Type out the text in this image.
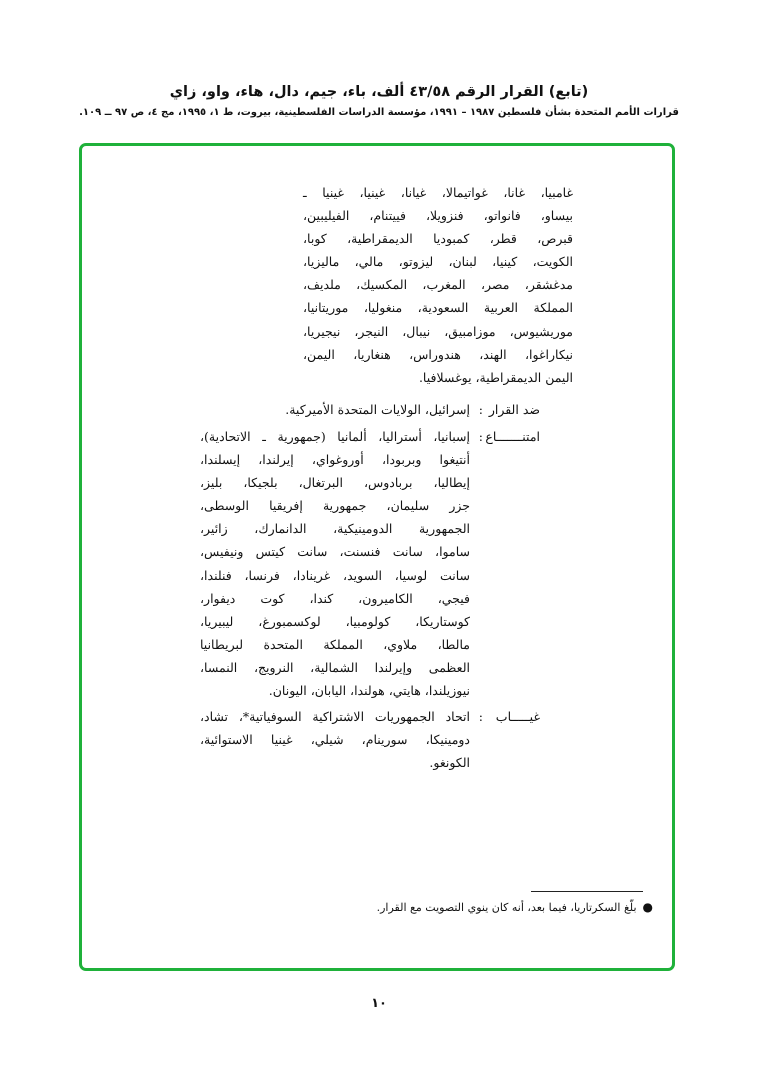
(تابع) القرار الرقم ٤٣/٥٨ ألف، باء، جيم، دال، هاء، واو، زاي
قرارات الأمم المتحدة بشأن فلسطين ١٩٨٧ – ١٩٩١، مؤسسة الدراسات الفلسطينية، بيروت، ط ١، ١٩٩٥، مج ٤، ص ٩٧ ــ ١٠٩.
غامبيا، غانا، غواتيمالا، غيانا، غينيا، غينيا ـ
بيساو، فانواتو، فنزويلا، فييتنام، الفيليبين،
قبرص، قطر، كمبوديا الديمقراطية، كوبا،
الكويت، كينيا، لبنان، ليزوتو، مالي، ماليزيا،
مدغشقر، مصر، المغرب، المكسيك، ملديف،
المملكة العربية السعودية، منغوليا، موريتانيا،
موريشيوس، موزامبيق، نيبال، النيجر، نيجيريا،
نيكاراغوا، الهند، هندوراس، هنغاريا، اليمن،
اليمن الديمقراطية، يوغسلافيا.
ضد القرار
:
إسرائيل، الولايات المتحدة الأميركية.
امتنـــــــاع
:
إسبانيا، أستراليا، ألمانيا (جمهورية ـ الاتحادية)،
أنتيغوا وبربودا، أوروغواي، إيرلندا، إيسلندا،
إيطاليا، بربادوس، البرتغال، بلجيكا، بليز،
جزر سليمان، جمهورية إفريقيا الوسطى،
الجمهورية الدومينيكية، الدانمارك، زائير،
ساموا، سانت فنسنت، سانت كيتس ونيفيس،
سانت لوسيا، السويد، غرينادا، فرنسا، فنلندا،
فيجي، الكاميرون، كندا، كوت ديفوار،
كوستاريكا، كولومبيا، لوكسمبورغ، ليبيريا،
مالطا، ملاوي، المملكة المتحدة لبريطانيا
العظمى وإيرلندا الشمالية، النرويج، النمسا،
نيوزيلندا، هايتي، هولندا، اليابان، اليونان.
غيـــــاب
:
اتحاد الجمهوريات الاشتراكية السوفياتية*، تشاد،
دومينيكا، سورينام، شيلي، غينيا الاستوائية،
الكونغو.
●بلّغ السكرتاريا، فيما بعد، أنه كان ينوي التصويت مع القرار.
١٠
